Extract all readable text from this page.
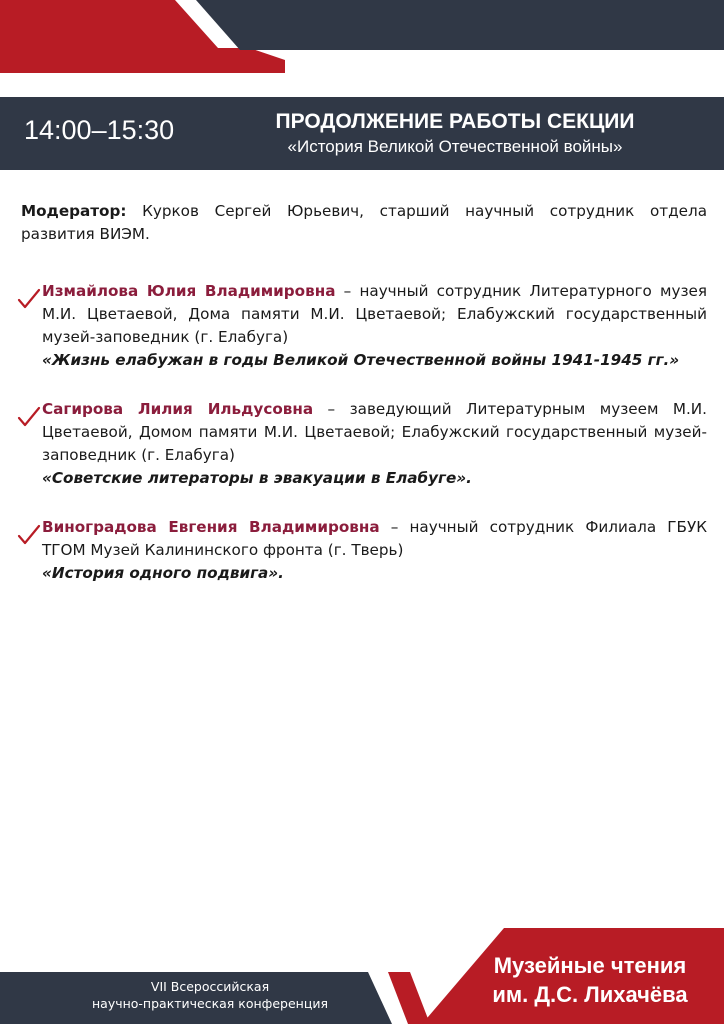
14:00–15:30	ПРОДОЛЖЕНИЕ РАБОТЫ СЕКЦИИ
«История Великой Отечественной войны»

Модератор: Курков Сергей Юрьевич, старший научный сотрудник отдела развития ВИЭМ.

Измайлова Юлия Владимировна – научный сотрудник Литературного музея М.И. Цветаевой, Дома памяти М.И. Цветаевой; Елабужский государственный музей-заповедник (г. Елабуга)
«Жизнь елабужан в годы Великой Отечественной войны 1941-1945 гг.»
Сагирова Лилия Ильдусовна – заведующий Литературным музеем М.И. Цветаевой, Домом памяти М.И. Цветаевой; Елабужский государственный музей-заповедник (г. Елабуга)
«Советские литераторы в эвакуации в Елабуге».
Виноградова Евгения Владимировна – научный сотрудник Филиала ГБУК ТГОМ Музей Калининского фронта (г. Тверь)
«История одного подвига».
VII Всероссийская
научно-практическая конференция
Музейные чтения
им. Д.С. Лихачёва
